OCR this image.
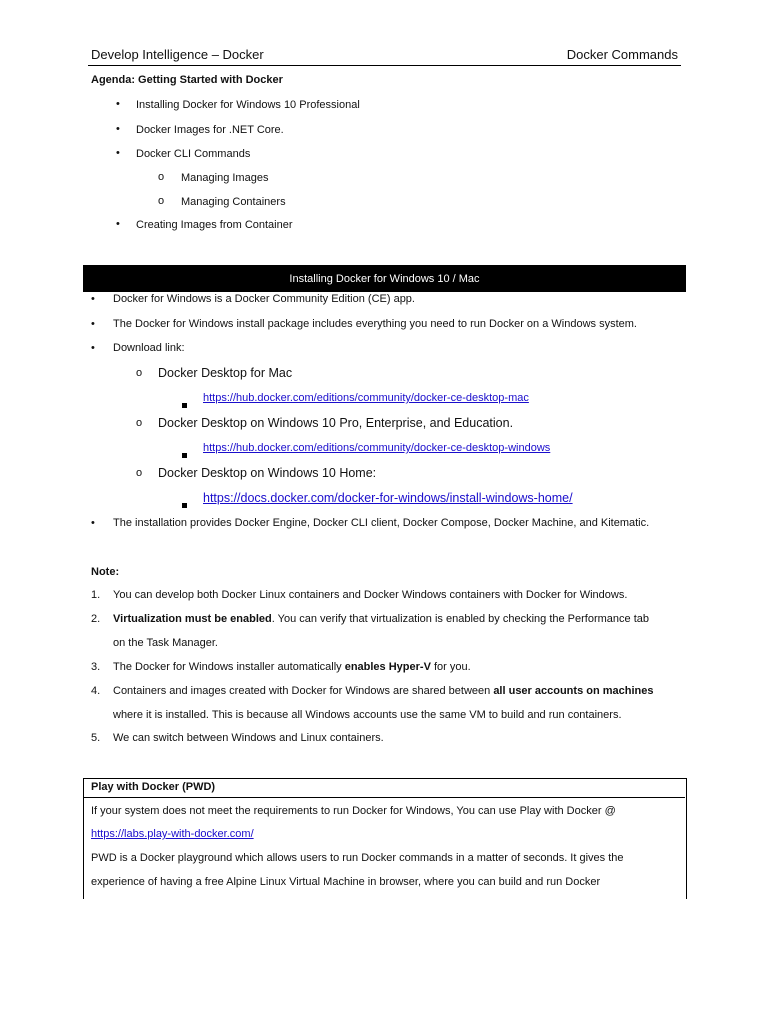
Develop Intelligence – Docker	Docker Commands
Agenda: Getting Started with Docker
• Installing Docker for Windows 10 Professional
• Docker Images for .NET Core.
• Docker CLI Commands
o Managing Images
o Managing Containers
• Creating Images from Container
Installing Docker for Windows 10 / Mac
• Docker for Windows is a Docker Community Edition (CE) app.
• The Docker for Windows install package includes everything you need to run Docker on a Windows system.
• Download link:
o Docker Desktop for Mac
https://hub.docker.com/editions/community/docker-ce-desktop-mac
o Docker Desktop on Windows 10 Pro, Enterprise, and Education.
https://hub.docker.com/editions/community/docker-ce-desktop-windows
o Docker Desktop on Windows 10 Home:
https://docs.docker.com/docker-for-windows/install-windows-home/
• The installation provides Docker Engine, Docker CLI client, Docker Compose, Docker Machine, and Kitematic.
Note:
1. You can develop both Docker Linux containers and Docker Windows containers with Docker for Windows.
2. Virtualization must be enabled. You can verify that virtualization is enabled by checking the Performance tab
on the Task Manager.
3. The Docker for Windows installer automatically enables Hyper-V for you.
4. Containers and images created with Docker for Windows are shared between all user accounts on machines
where it is installed. This is because all Windows accounts use the same VM to build and run containers.
5. We can switch between Windows and Linux containers.
Play with Docker (PWD)
If your system does not meet the requirements to run Docker for Windows, You can use Play with Docker @
https://labs.play-with-docker.com/
PWD is a Docker playground which allows users to run Docker commands in a matter of seconds. It gives the
experience of having a free Alpine Linux Virtual Machine in browser, where you can build and run Docker
